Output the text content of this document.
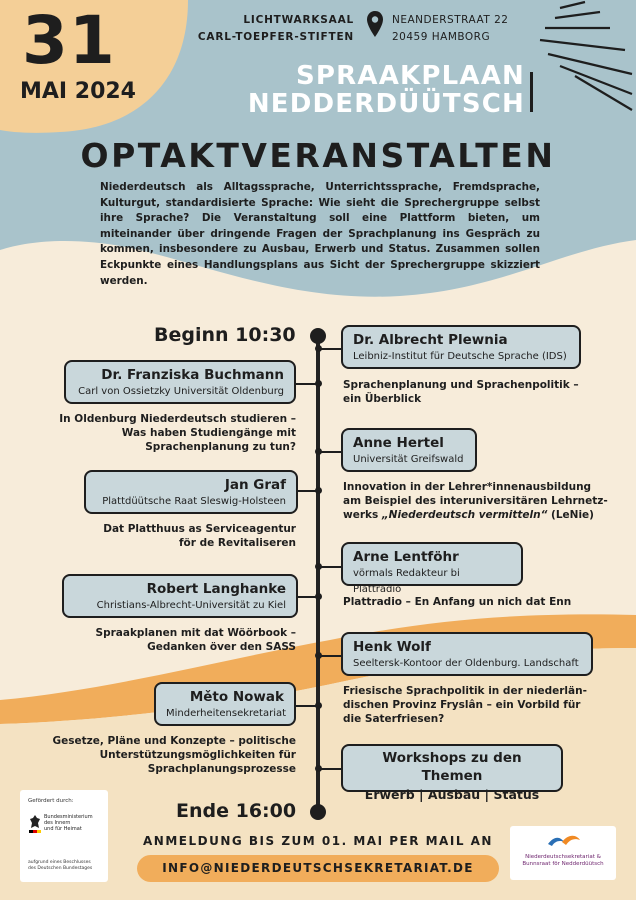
31
MAI 2024
LICHTWARKSAAL
CARL-TOEPFER-STIFTEN
NEANDERSTRAAT 22
20459 HAMBORG
SPRAAKPLAAN
NEDDERDÜÜTSCH
OPTAKTVERANSTALTEN
Niederdeutsch als Alltagssprache, Unterrichtssprache, Fremdsprache, Kulturgut, standardisierte Sprache: Wie sieht die Sprechergruppe selbst ihre Sprache? Die Veranstaltung soll eine Plattform bieten, um miteinander über dringende Fragen der Sprachplanung ins Gespräch zu kommen, insbesondere zu Ausbau, Erwerb und Status. Zusammen sollen Eckpunkte eines Handlungsplans aus Sicht der Sprechergruppe skizziert werden.
Beginn 10:30
Ende 16:00
Dr. Albrecht Plewnia
Leibniz-Institut für Deutsche Sprache (IDS)
Sprachenplanung und Sprachenpolitik –
ein Überblick
Dr. Franziska Buchmann
Carl von Ossietzky Universität Oldenburg
In Oldenburg Niederdeutsch studieren –
Was haben Studiengänge mit
Sprachenplanung zu tun?	Anne Hertel
Universität Greifswald
Innovation in der Lehrer*innenausbildung
am Beispiel des interuniversitären Lehrnetz-
werks „Niederdeutsch vermitteln“ (LeNie)
Jan Graf
Plattdüütsche Raat Sleswig-Holsteen
Dat Platthuus as Serviceagentur
för de Revitaliseren
Arne Lentföhr
vörmals Redakteur bi Plattradio
Plattradio – En Anfang un nich dat Enn
Robert Langhanke
Christians-Albrecht-Universität zu Kiel
Spraakplanen mit dat Wöörbook –
Gedanken över den SASS	Henk Wolf
Seeltersk-Kontoor der Oldenburg. Landschaft
Friesische Sprachpolitik in der niederlän-
dischen Provinz Fryslân – ein Vorbild für
die Saterfriesen?
Měto Nowak
Minderheitensekretariat
Gesetze, Pläne und Konzepte – politische
Unterstützungsmöglichkeiten für
Sprachplanungsprozesse
Workshops zu den Themen
Erwerb | Ausbau | Status
ANMELDUNG BIS ZUM 01. MAI PER MAIL AN
INFO@NIEDERDEUTSCHSEKRETARIAT.DE
Gefördert durch:
Bundesministerium
des Innern
und für Heimat
aufgrund eines Beschlusses
des Deutschen Bundestages
Niederdeutschsekretariat &
Bunnsraat för Nedderdüütsch
